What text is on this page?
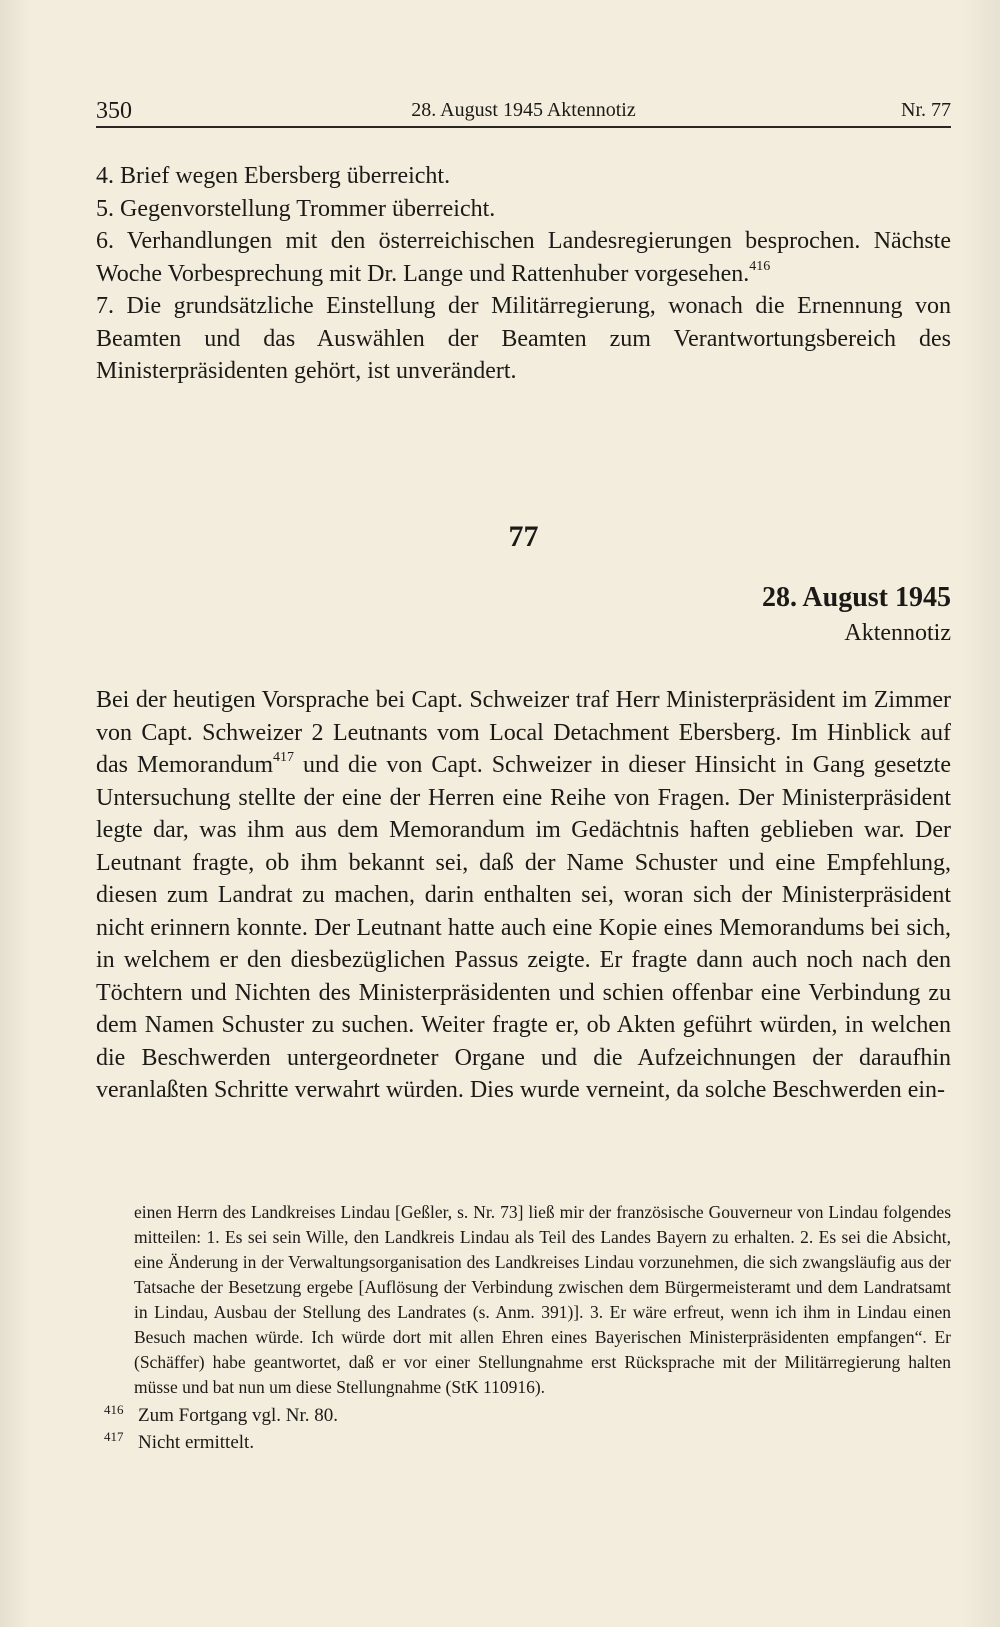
350	28. August 1945 Aktennotiz	Nr. 77

4. Brief wegen Ebersberg überreicht.

5. Gegenvorstellung Trommer überreicht.

6. Verhandlungen mit den österreichischen Landesregierungen besprochen. Nächste Woche Vorbesprechung mit Dr. Lange und Rattenhuber vorgesehen.$^{416}$

7. Die grundsätzliche Einstellung der Militärregierung, wonach die Ernennung von Beamten und das Auswählen der Beamten zum Verantwortungsbereich des Ministerpräsidenten gehört, ist unverändert.

77
28. August 1945
Aktennotiz

Bei der heutigen Vorsprache bei Capt. Schweizer traf Herr Ministerpräsident im Zimmer von Capt. Schweizer 2 Leutnants vom Local Detachment Ebersberg. Im Hinblick auf das Memorandum$^{417}$ und die von Capt. Schweizer in dieser Hinsicht in Gang gesetzte Untersuchung stellte der eine der Herren eine Reihe von Fragen. Der Ministerpräsident legte dar, was ihm aus dem Memorandum im Gedächtnis haften geblieben war. Der Leutnant fragte, ob ihm bekannt sei, daß der Name Schuster und eine Empfehlung, diesen zum Landrat zu machen, darin enthalten sei, woran sich der Ministerpräsident nicht erinnern konnte. Der Leutnant hatte auch eine Kopie eines Memorandums bei sich, in welchem er den diesbezüglichen Passus zeigte. Er fragte dann auch noch nach den Töchtern und Nichten des Ministerpräsidenten und schien offenbar eine Verbindung zu dem Namen Schuster zu suchen. Weiter fragte er, ob Akten geführt würden, in welchen die Beschwerden untergeordneter Organe und die Aufzeichnungen der daraufhin veranlaßten Schritte verwahrt würden. Dies wurde verneint, da solche Beschwerden ein-

einen Herrn des Landkreises Lindau [Geßler, s. Nr. 73] ließ mir der französische Gouverneur von Lindau folgendes mitteilen: 1. Es sei sein Wille, den Landkreis Lindau als Teil des Landes Bayern zu erhalten. 2. Es sei die Absicht, eine Änderung in der Verwaltungsorganisation des Landkreises Lindau vorzunehmen, die sich zwangsläufig aus der Tatsache der Besetzung ergebe [Auflösung der Verbindung zwischen dem Bürgermeisteramt und dem Landratsamt in Lindau, Ausbau der Stellung des Landrates (s. Anm. 391)]. 3. Er wäre erfreut, wenn ich ihm in Lindau einen Besuch machen würde. Ich würde dort mit allen Ehren eines Bayerischen Ministerpräsidenten empfangen“. Er (Schäffer) habe geantwortet, daß er vor einer Stellungnahme erst Rücksprache mit der Militärregierung halten müsse und bat nun um diese Stellungnahme (StK 110916).

416 Zum Fortgang vgl. Nr. 80.
417 Nicht ermittelt.
